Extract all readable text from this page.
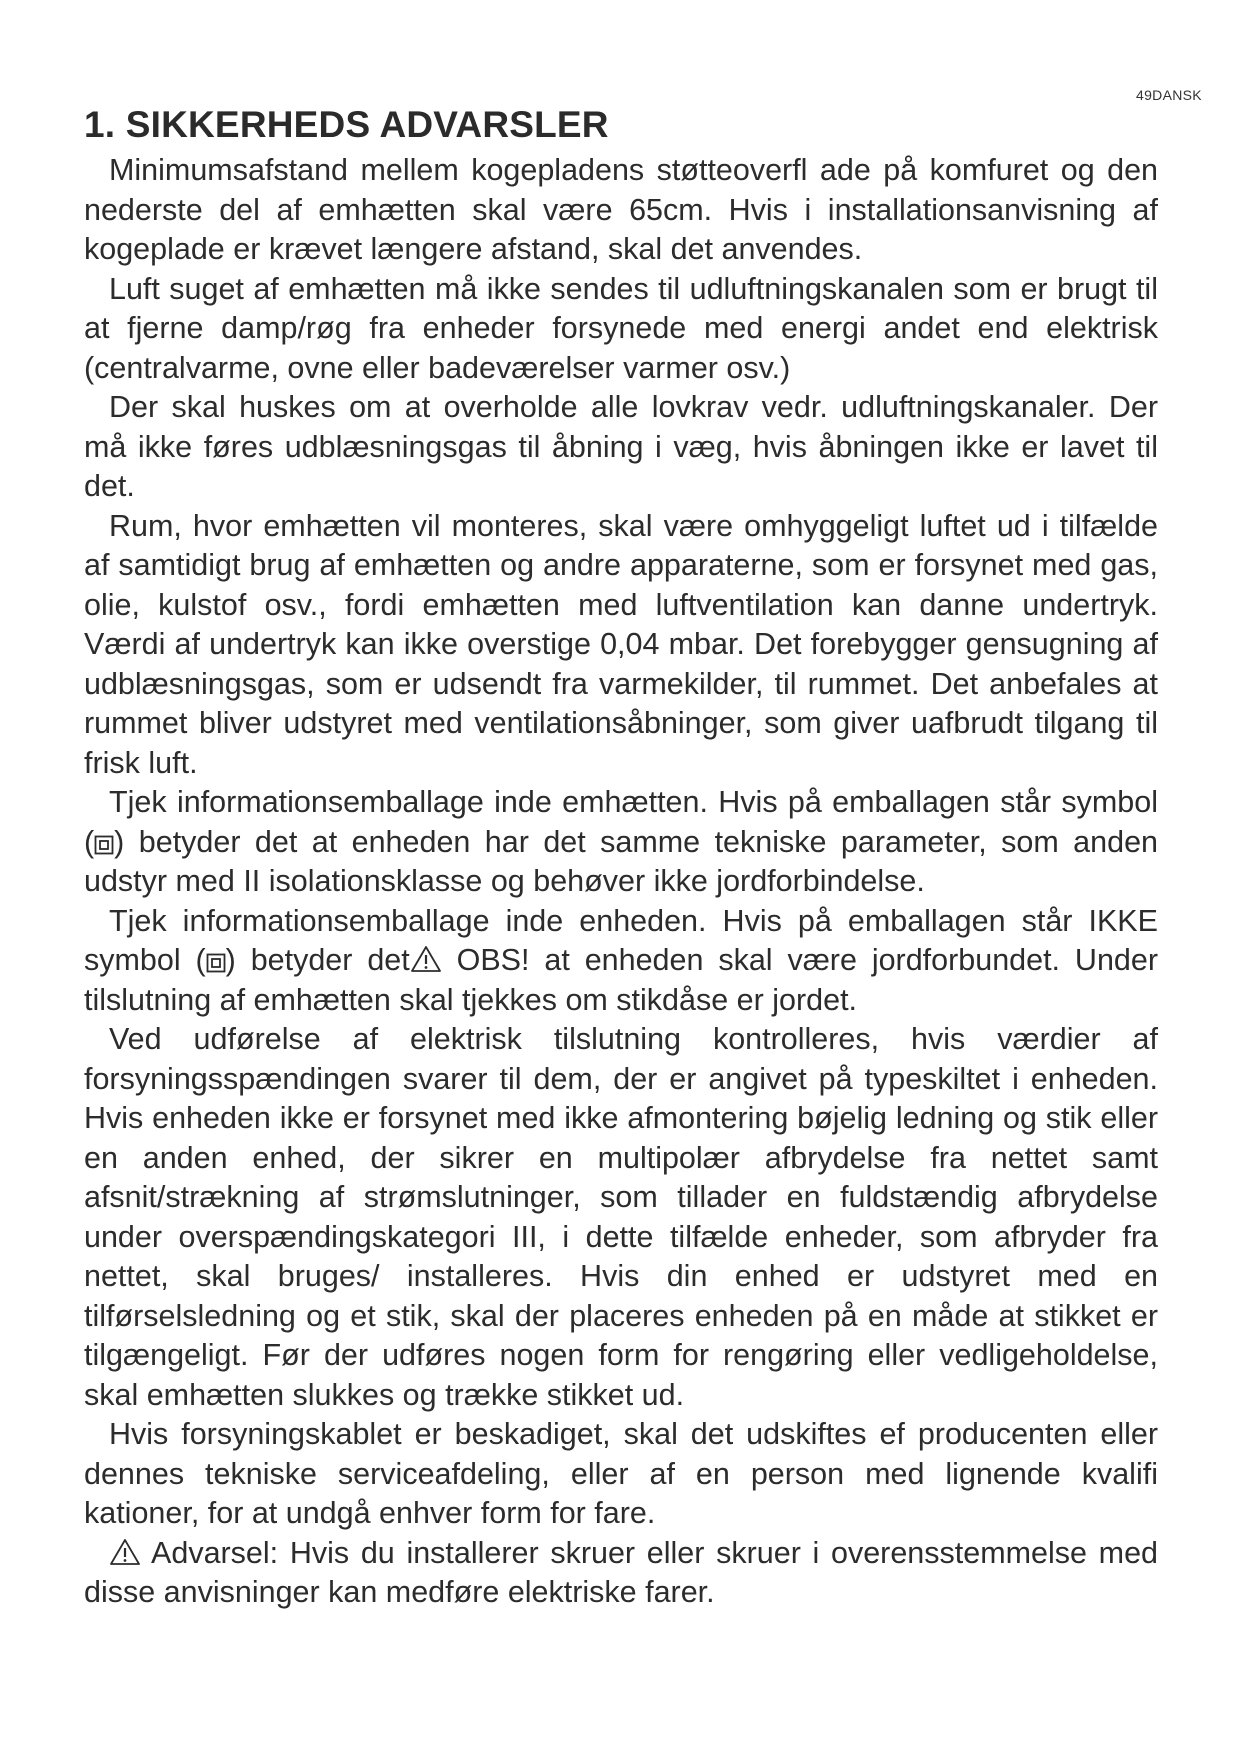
49DANSK
1. SIKKERHEDS ADVARSLER

Minimumsafstand mellem kogepladens støtteoverfl ade på komfuret og den nederste del af emhætten skal være 65cm. Hvis i installationsanvisning af kogeplade er krævet længere afstand, skal det anvendes.

Luft suget af emhætten må ikke sendes til udluftningskanalen som er brugt til at fjerne damp/røg fra enheder forsynede med energi andet end elektrisk (centralvarme, ovne eller badeværelser varmer osv.)

Der skal huskes om at overholde alle lovkrav vedr. udluftningskanaler. Der må ikke føres udblæsningsgas til åbning i væg, hvis åbningen ikke er lavet til det.

Rum, hvor emhætten vil monteres, skal være omhyggeligt luftet ud i tilfælde af samtidigt brug af emhætten og andre apparaterne, som er forsynet med gas, olie, kulstof osv., fordi emhætten med luftventilation kan danne undertryk. Værdi af undertryk kan ikke overstige 0,04 mbar. Det forebygger gensugning af udblæsningsgas, som er udsendt fra varmekilder, til rummet. Det anbefales at rummet bliver udstyret med ventilationsåbninger, som giver uafbrudt tilgang til frisk luft.

Tjek informationsemballage inde emhætten. Hvis på emballagen står symbol ( ) betyder det at enheden har det samme tekniske parameter, som anden udstyr med II isolationsklasse og behøver ikke jordforbindelse.

Tjek informationsemballage inde enheden. Hvis på emballagen står IKKE symbol ( ) betyder det
OBS! at enheden skal være jordforbundet. Under tilslutning af emhætten skal tjekkes om stikdåse er jordet.

Ved udførelse af elektrisk tilslutning kontrolleres, hvis værdier af forsyningsspændingen svarer til dem, der er angivet på typeskiltet i enheden. Hvis enheden ikke er forsynet med ikke afmontering bøjelig ledning og stik eller en anden enhed, der sikrer en multipolær afbrydelse fra nettet samt afsnit/strækning af strømslutninger, som tillader en fuldstændig afbrydelse under overspændingskategori III, i dette tilfælde enheder, som afbryder fra nettet, skal bruges/ installeres. Hvis din enhed er udstyret med en tilførselsledning og et stik, skal der placeres enheden på en måde at stikket er tilgængeligt. Før der udføres nogen form for rengøring eller vedligeholdelse, skal emhætten slukkes og trække stikket ud.

Hvis forsyningskablet er beskadiget, skal det udskiftes ef producenten eller dennes tekniske serviceafdeling, eller af en person med lignende kvalifi kationer, for at undgå enhver form for fare.

Advarsel: Hvis du installerer skruer eller skruer i overensstemmelse med disse anvisninger kan medføre elektriske farer.
